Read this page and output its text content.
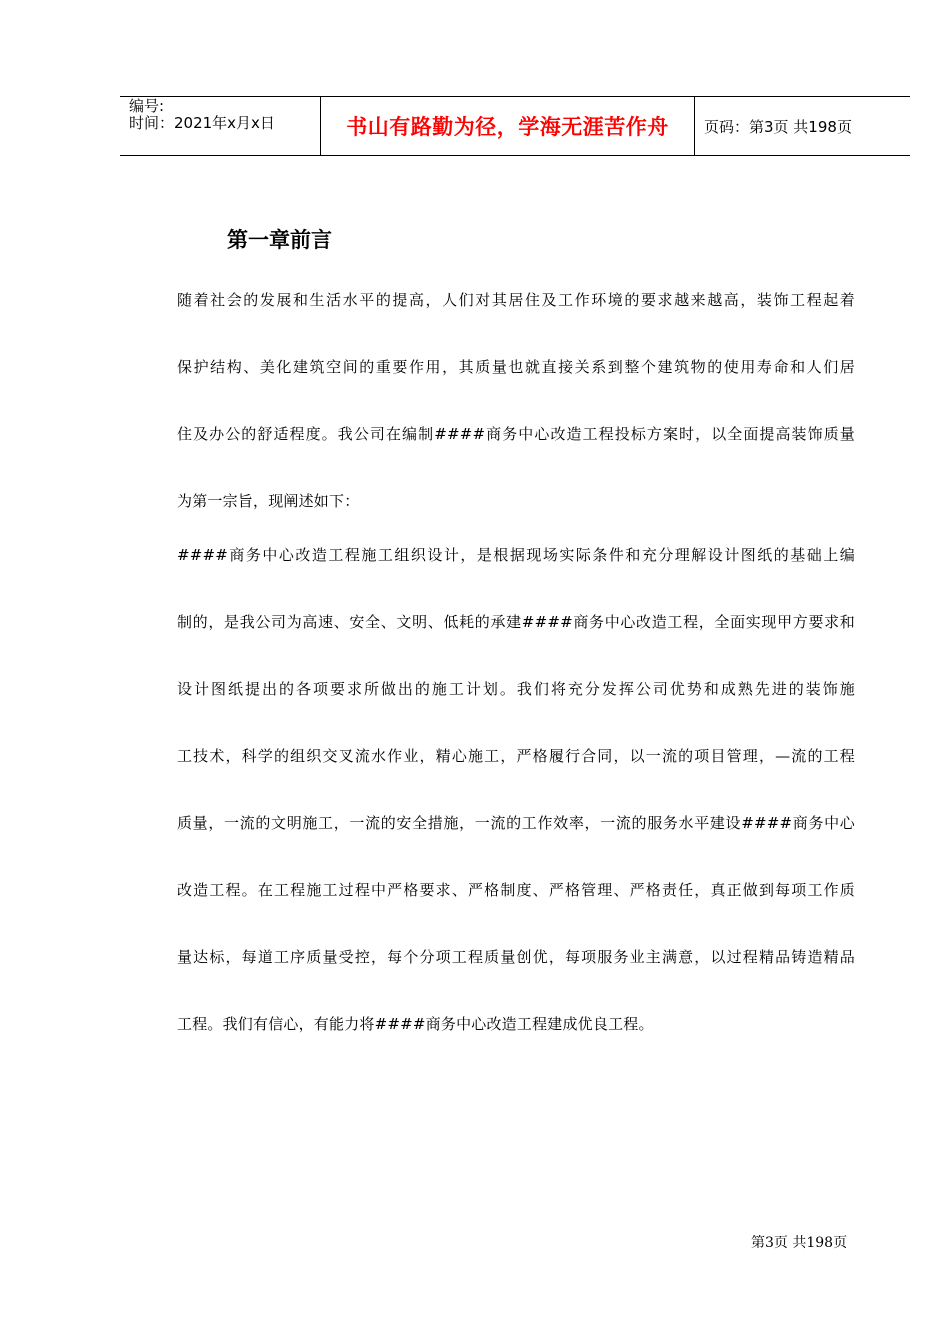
编号:
时间：2021年x月x日	书山有路勤为径，学海无涯苦作舟 页码：第3页 共198页
第一章前言
随着社会的发展和生活水平的提高，人们对其居住及工作环境的要求越来越高，装饰工程起着
保护结构、美化建筑空间的重要作用，其质量也就直接关系到整个建筑物的使用寿命和人们居
住及办公的舒适程度。我公司在编制####商务中心改造工程投标方案时，以全面提高装饰质量
为第一宗旨，现阐述如下：
####商务中心改造工程施工组织设计，是根据现场实际条件和充分理解设计图纸的基础上编
制的，是我公司为高速、安全、文明、低耗的承建####商务中心改造工程，全面实现甲方要求和
设计图纸提出的各项要求所做出的施工计划。我们将充分发挥公司优势和成熟先进的装饰施
工技术，科学的组织交叉流水作业，精心施工，严格履行合同，以一流的项目管理，—流的工程
质量，一流的文明施工，一流的安全措施，一流的工作效率，一流的服务水平建设####商务中心
改造工程。在工程施工过程中严格要求、严格制度、严格管理、严格责任，真正做到每项工作质
量达标，每道工序质量受控，每个分项工程质量创优，每项服务业主满意，以过程精品铸造精品
工程。我们有信心，有能力将####商务中心改造工程建成优良工程。
第3页 共198页
